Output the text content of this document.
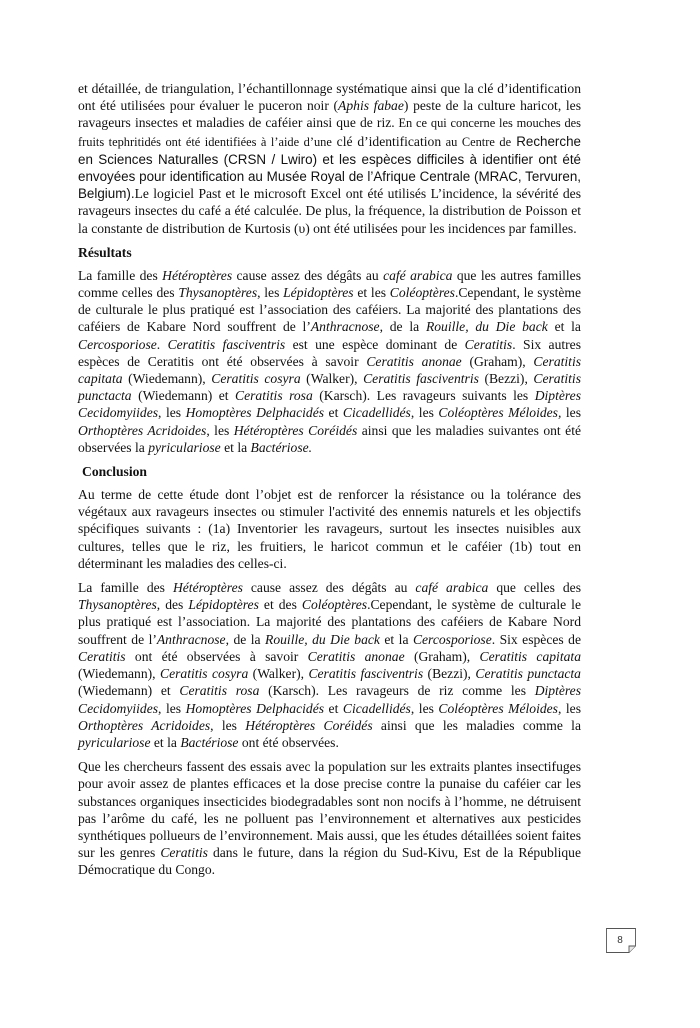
et détaillée, de triangulation, l’échantillonnage systématique ainsi que la clé d’identification ont été utilisées pour évaluer le puceron noir (Aphis fabae) peste de la culture haricot, les ravageurs insectes et maladies de caféier ainsi que de riz. En ce qui concerne les mouches des fruits tephritidés ont été identifiées à l’aide d’une clé d’identification au Centre de Recherche en Sciences Naturalles (CRSN / Lwiro) et les espèces difficiles à identifier ont été envoyées pour identification au Musée Royal de l’Afrique Centrale (MRAC, Tervuren, Belgium).Le logiciel Past et le microsoft Excel ont été utilisés L’incidence, la sévérité des ravageurs insectes du café a été calculée. De plus, la fréquence, la distribution de Poisson et la constante de distribution de Kurtosis (υ) ont été utilisées pour les incidences par familles.

Résultats

La famille des Hétéroptères cause assez des dégâts au café arabica que les autres familles comme celles des Thysanoptères, les Lépidoptères et les Coléoptères.Cependant, le système de culturale le plus pratiqué est l’association des caféiers. La majorité des plantations des caféiers de Kabare Nord souffrent de l’Anthracnose, de la Rouille, du Die back et la Cercosporiose. Ceratitis fasciventris est une espèce dominant de Ceratitis. Six autres espèces de Ceratitis ont été observées à savoir Ceratitis anonae (Graham), Ceratitis capitata (Wiedemann), Ceratitis cosyra (Walker), Ceratitis fasciventris (Bezzi), Ceratitis punctacta (Wiedemann) et Ceratitis rosa (Karsch). Les ravageurs suivants les Diptères Cecidomyiides, les Homoptères Delphacidés et Cicadellidés, les Coléoptères Méloides, les Orthoptères Acridoides, les Hétéroptères Coréidés ainsi que les maladies suivantes ont été observées la pyriculariose et la Bactériose.

Conclusion

Au terme de cette étude dont l’objet est de renforcer la résistance ou la tolérance des végétaux aux ravageurs insectes ou stimuler l'activité des ennemis naturels et les objectifs spécifiques suivants : (1a) Inventorier les ravageurs, surtout les insectes nuisibles aux cultures, telles que le riz, les fruitiers, le haricot commun et le caféier (1b) tout en déterminant les maladies des celles-ci.

La famille des Hétéroptères cause assez des dégâts au café arabica que celles des Thysanoptères, des Lépidoptères et des Coléoptères.Cependant, le système de culturale le plus pratiqué est l’association. La majorité des plantations des caféiers de Kabare Nord souffrent de l’Anthracnose, de la Rouille, du Die back et la Cercosporiose. Six espèces de Ceratitis ont été observées à savoir Ceratitis anonae (Graham), Ceratitis capitata (Wiedemann), Ceratitis cosyra (Walker), Ceratitis fasciventris (Bezzi), Ceratitis punctacta (Wiedemann) et Ceratitis rosa (Karsch). Les ravageurs de riz comme les Diptères Cecidomyiides, les Homoptères Delphacidés et Cicadellidés, les Coléoptères Méloides, les Orthoptères Acridoides, les Hétéroptères Coréidés ainsi que les maladies comme la pyriculariose et la Bactériose ont été observées.

Que les chercheurs fassent des essais avec la population sur les extraits plantes insectifuges pour avoir assez de plantes efficaces et la dose precise contre la punaise du caféier car les substances organiques insecticides biodegradables sont non nocifs à l’homme, ne détruisent pas l’arôme du café, les ne polluent pas l’environnement et alternatives aux pesticides synthétiques pollueurs de l’environnement. Mais aussi, que les études détaillées soient faites sur les genres Ceratitis dans le future, dans la région du Sud-Kivu, Est de la République Démocratique du Congo.

8
